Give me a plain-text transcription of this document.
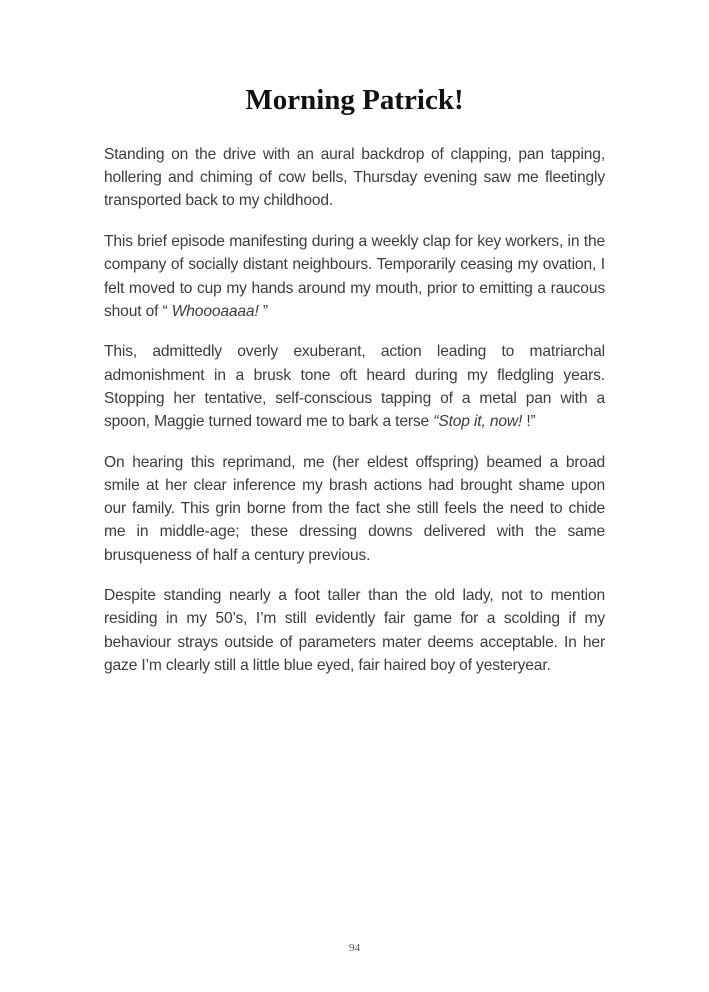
Morning Patrick!

Standing on the drive with an aural backdrop of clapping, pan tapping, hollering and chiming of cow bells, Thursday evening saw me fleetingly transported back to my childhood.

This brief episode manifesting during a weekly clap for key workers, in the company of socially distant neighbours. Temporarily ceasing my ovation, I felt moved to cup my hands around my mouth, prior to emitting a raucous shout of “ Whoooaaaa! ”

This, admittedly overly exuberant, action leading to matriarchal admonishment in a brusk tone oft heard during my fledgling years. Stopping her tentative, self-conscious tapping of a metal pan with a spoon, Maggie turned toward me to bark a terse “Stop it, now! !”

On hearing this reprimand, me (her eldest offspring) beamed a broad smile at her clear inference my brash actions had brought shame upon our family. This grin borne from the fact she still feels the need to chide me in middle-age; these dressing downs delivered with the same brusqueness of half a century previous.

Despite standing nearly a foot taller than the old lady, not to mention residing in my 50’s, I’m still evidently fair game for a scolding if my behaviour strays outside of parameters mater deems acceptable. In her gaze I’m clearly still a little blue eyed, fair haired boy of yesteryear.

94
